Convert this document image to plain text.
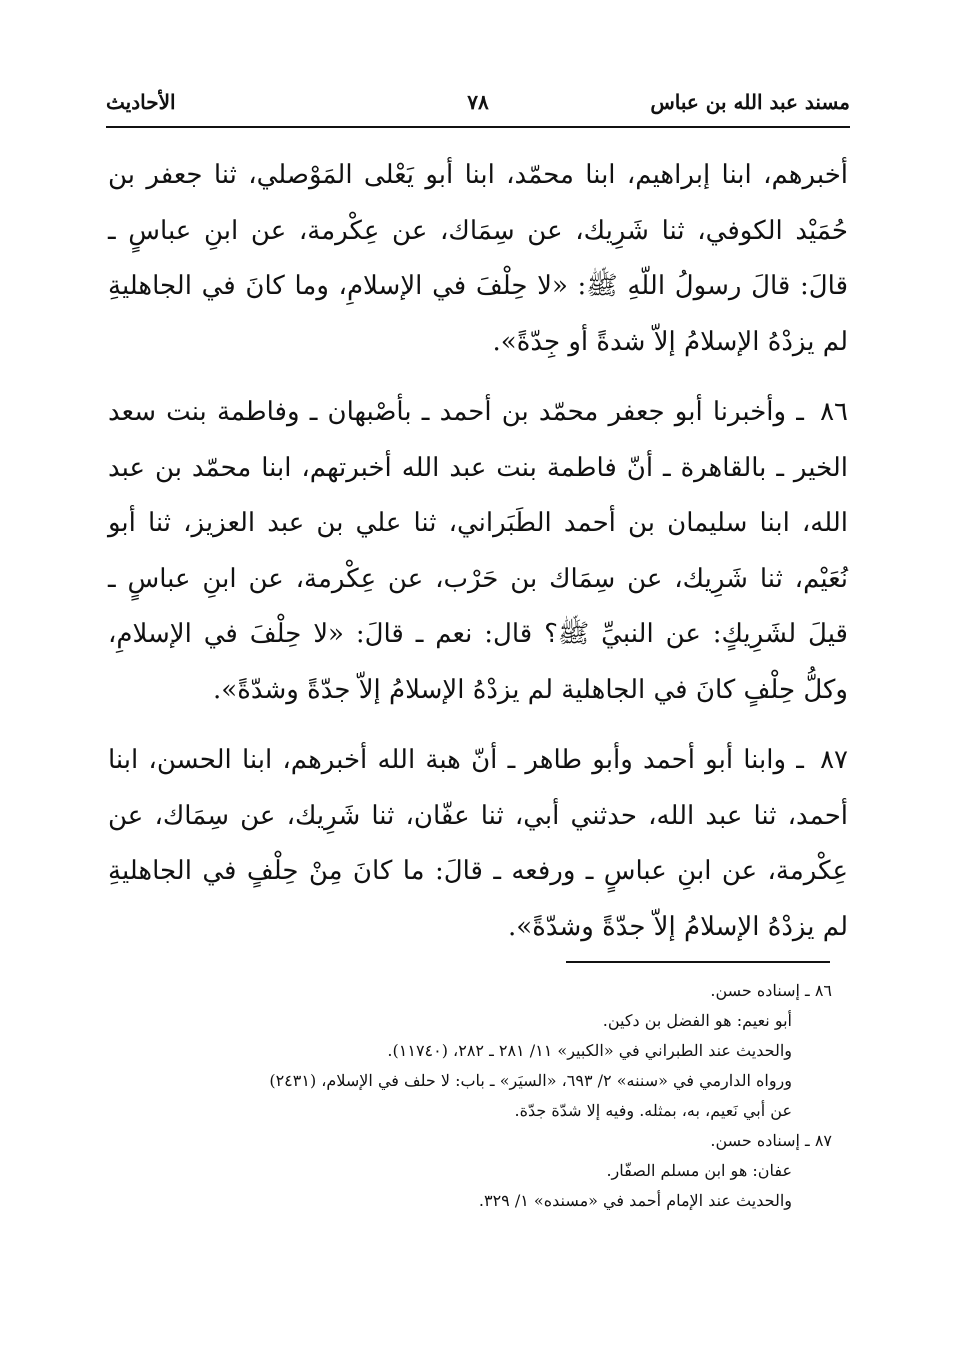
مسند عبد الله بن عباس
٧٨
الأحاديث

أخبرهم، ابنا إبراهيم، ابنا محمّد، ابنا أبو يَعْلى المَوْصلي، ثنا جعفر بن حُمَيْد الكوفي، ثنا شَرِيك، عن سِمَاك، عن عِكْرمة، عن ابنِ عباسٍ ـ قالَ: قالَ رسولُ اللّهِ ﷺ: «لا حِلْفَ في الإسلامِ، وما كانَ في الجاهليةِ لم يزدْهُ الإسلامُ إلاّ شدةً أو جِدّةً».

٨٦ ـ وأخبرنا أبو جعفر محمّد بن أحمد ـ بأصْبهان ـ وفاطمة بنت سعد الخير ـ بالقاهرة ـ أنّ فاطمة بنت عبد الله أخبرتهم، ابنا محمّد بن عبد الله، ابنا سليمان بن أحمد الطَبَراني، ثنا علي بن عبد العزيز، ثنا أبو نُعَيْم، ثنا شَرِيك، عن سِمَاك بن حَرْب، عن عِكْرمة، عن ابنِ عباسٍ ـ قيلَ لشَرِيكٍ: عن النبيِّ ﷺ؟ قال: نعم ـ قالَ: «لا حِلْفَ في الإسلامِ، وكلُّ حِلْفٍ كانَ في الجاهلية لم يزدْهُ الإسلامُ إلاّ جدّةً وشدّةً».

٨٧ ـ وابنا أبو أحمد وأبو طاهر ـ أنّ هبة الله أخبرهم، ابنا الحسن، ابنا أحمد، ثنا عبد الله، حدثني أبي، ثنا عفّان، ثنا شَرِيك، عن سِمَاك، عن عِكْرمة، عن ابنِ عباسٍ ـ ورفعه ـ قالَ: ما كانَ مِنْ حِلْفٍ في الجاهليةِ لم يزدْهُ الإسلامُ إلاّ جدّةً وشدّةً».

٨٦ ـ إسناده حسن.

أبو نعيم: هو الفضل بن دكين.

والحديث عند الطبراني في «الكبير» ١١/ ٢٨١ ـ ٢٨٢، (١١٧٤٠).

ورواه الدارمي في «سننه» ٢/ ٦٩٣، «السيَر» ـ باب: لا حلف في الإسلام، (٢٤٣١)

عن أبي نَعيم، به، بمثله. وفيه إلا شدّة جدّة.

٨٧ ـ إسناده حسن.

عفان: هو ابن مسلم الصفّار.

والحديث عند الإمام أحمد في «مسنده» ١/ ٣٢٩.
